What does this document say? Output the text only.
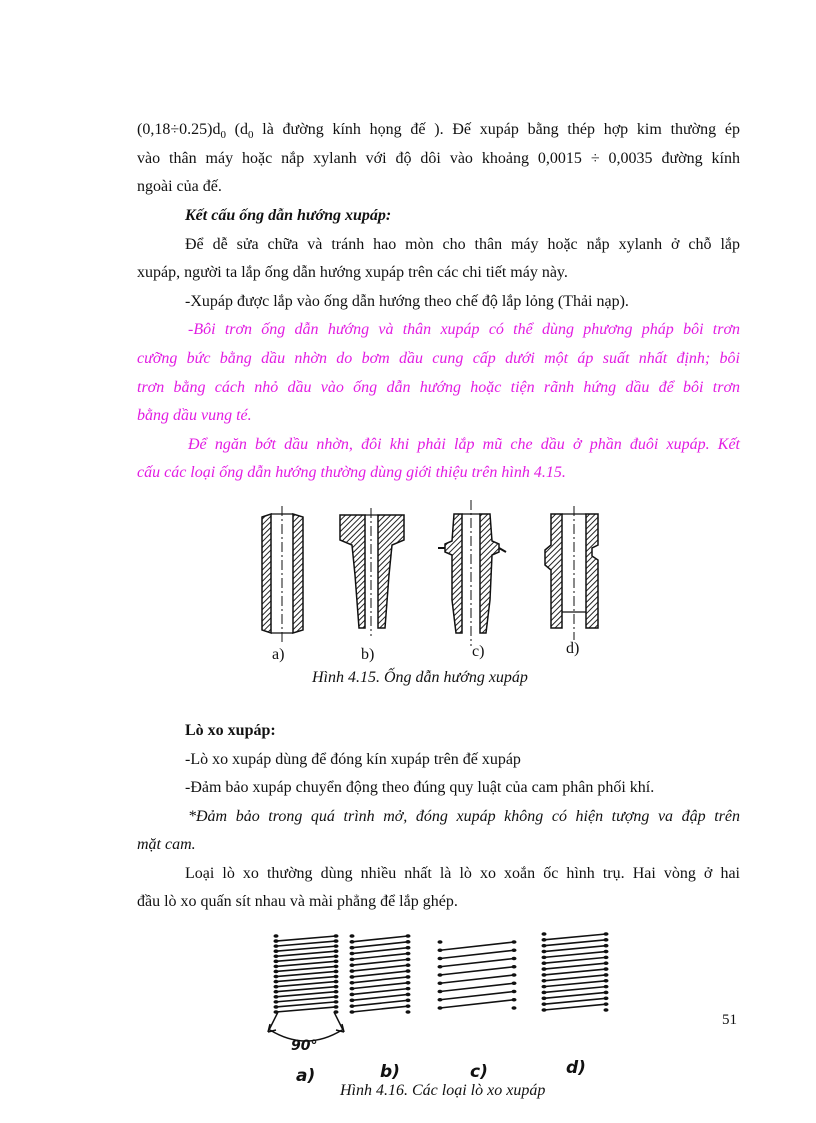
$(0,18\div 0.25)d_0$ ($d_0$ là đường kính họng đế ). Đế xupáp bằng thép hợp kim thường ép
vào thân máy hoặc nắp xylanh với độ dôi vào khoảng 0,0015 ÷ 0,0035 đường kính
ngoài của đế.
Kết cấu ống dẫn hướng xupáp:
Để dễ sửa chữa và tránh hao mòn cho thân máy hoặc nắp xylanh ở chỗ lắp
xupáp, người ta lắp ống dẫn hướng xupáp trên các chi tiết máy này.
-Xupáp được lắp vào ống dẫn hướng theo chế độ lắp lỏng (Thải nạp).
-Bôi trơn ống dẫn hướng và thân xupáp có thể dùng phương pháp bôi trơn
cưỡng bức bằng dầu nhờn do bơm dầu cung cấp dưới một áp suất nhất định; bôi
trơn bằng cách nhỏ dầu vào ống dẫn hướng hoặc tiện rãnh hứng dầu để bôi trơn
bằng dầu vung té.
Để ngăn bớt dầu nhờn, đôi khi phải lắp mũ che dầu ở phần đuôi xupáp. Kết
cấu các loại ống dẫn hướng thường dùng giới thiệu trên hình 4.15.
a)	b)	c)	d)
Hình 4.15. Ống dẫn hướng xupáp
Lò xo xupáp:
-Lò xo xupáp dùng để đóng kín xupáp trên đế xupáp
-Đảm bảo xupáp chuyển động theo đúng quy luật của cam phân phối khí.
*Đảm bảo trong quá trình mở, đóng xupáp không có hiện tượng va đập trên
mặt cam.
Loại lò xo thường dùng nhiều nhất là lò xo xoắn ốc hình trụ. Hai vòng ở hai
đầu lò xo quấn sít nhau và mài phẳng để lắp ghép.
90°
a)	b)	c)	d)
Hình 4.16. Các loại lò xo xupáp
51
